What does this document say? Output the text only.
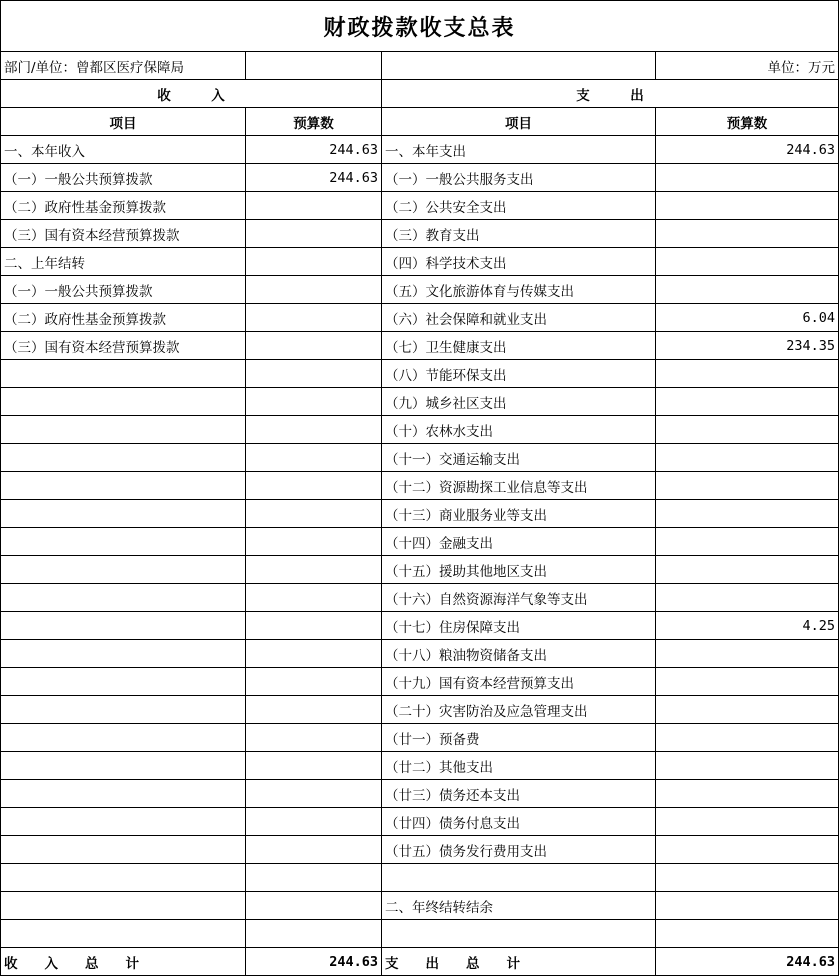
财政拨款收支总表
部门/单位：曾都区医疗保障局			单位：万元
收　　　入		支　　　出	
项目	预算数	项目	预算数
一、本年收入	244.63	一、本年支出	244.63
（一）一般公共预算拨款	244.63	（一）一般公共服务支出	
（二）政府性基金预算拨款		（二）公共安全支出	
（三）国有资本经营预算拨款		（三）教育支出	
二、上年结转		（四）科学技术支出	
（一）一般公共预算拨款		（五）文化旅游体育与传媒支出	
（二）政府性基金预算拨款		（六）社会保障和就业支出	6.04
（三）国有资本经营预算拨款		（七）卫生健康支出	234.35
		（八）节能环保支出	
		（九）城乡社区支出	
		（十）农林水支出	
		（十一）交通运输支出	
		（十二）资源勘探工业信息等支出	
		（十三）商业服务业等支出	
		（十四）金融支出	
		（十五）援助其他地区支出	
		（十六）自然资源海洋气象等支出	
		（十七）住房保障支出	4.25
		（十八）粮油物资储备支出	
		（十九）国有资本经营预算支出	
		（二十）灾害防治及应急管理支出	
		（廿一）预备费	
		（廿二）其他支出	
		（廿三）债务还本支出	
		（廿四）债务付息支出	
		（廿五）债务发行费用支出	

		二、年终结转结余	

收　　入　　总　　计	244.63	支　　出　　总　　计	244.63
